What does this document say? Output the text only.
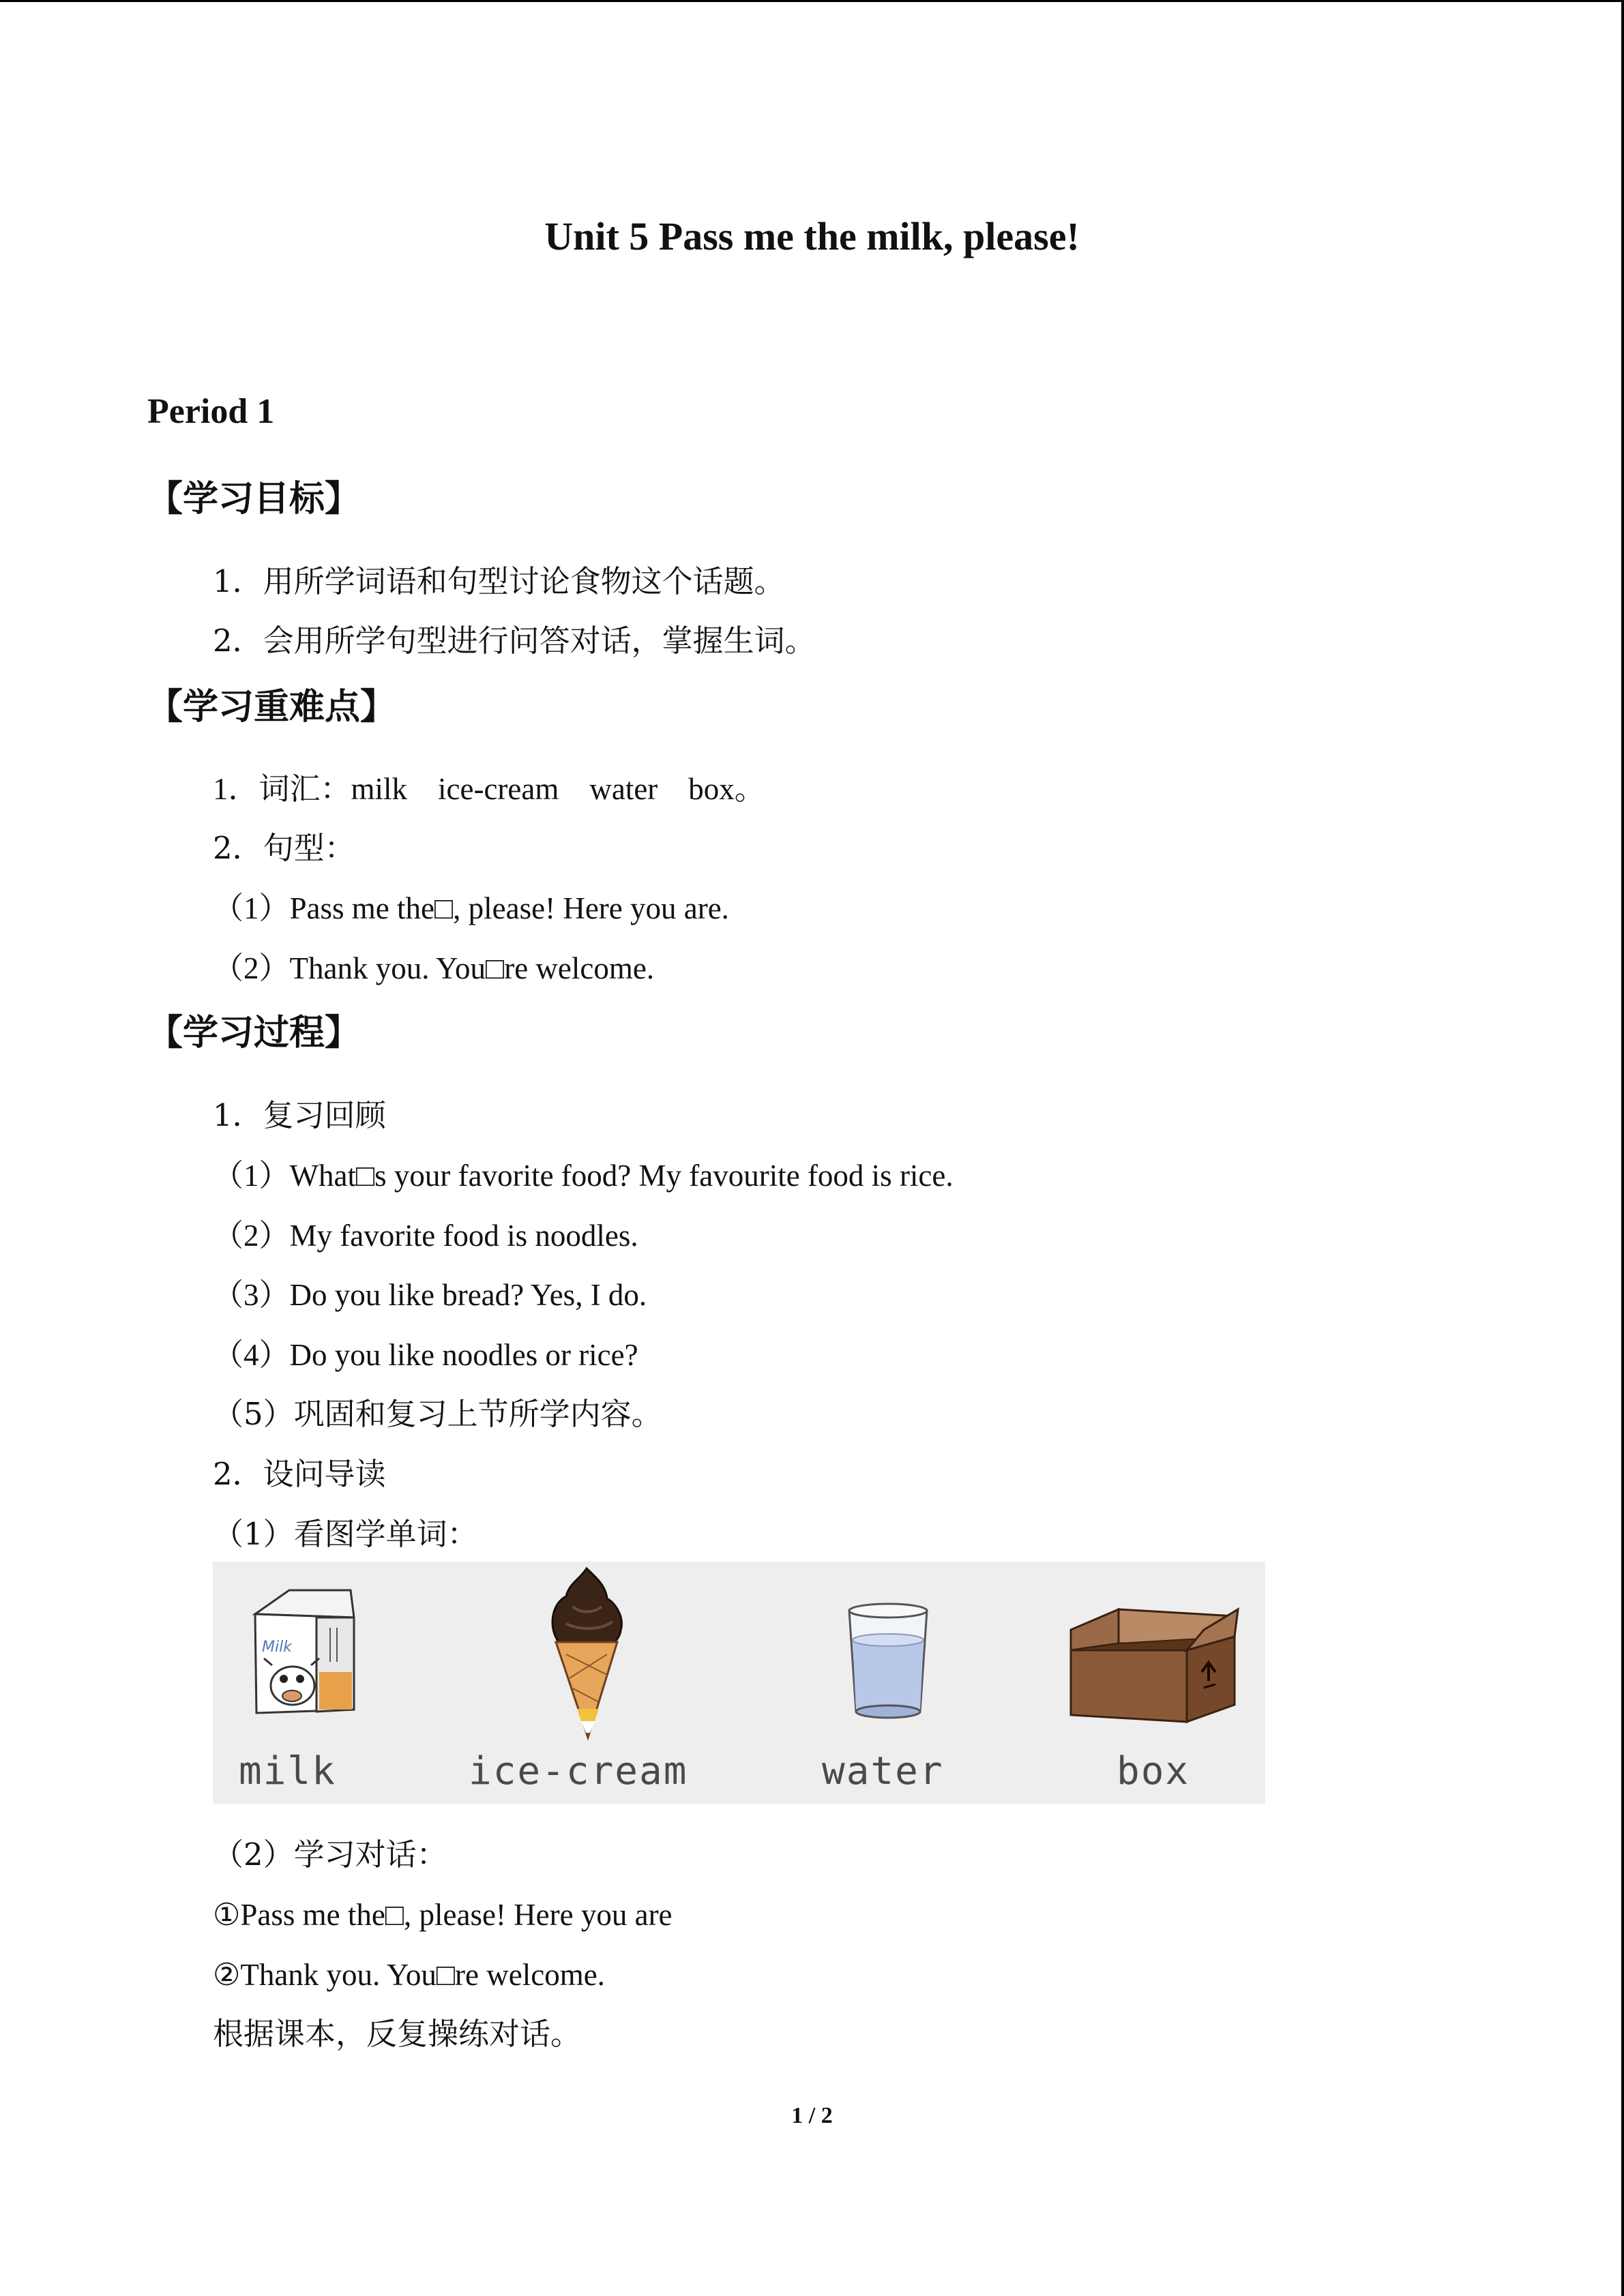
Unit 5 Pass me the milk, please!
Period 1
【学习目标】
1．用所学词语和句型讨论食物这个话题。
2．会用所学句型进行问答对话，掌握生词。
【学习重难点】
1．词汇：milk    ice-cream    water    box。
2．句型：
（1）Pass me the□, please! Here you are.
（2）Thank you. You□re welcome.
【学习过程】
1．复习回顾
（1）What□s your favorite food? My favourite food is rice.
（2）My favorite food is noodles.
（3）Do you like bread? Yes, I do.
（4）Do you like noodles or rice?
（5）巩固和复习上节所学内容。
2．设问导读
（1）看图学单词：
Milk
milk	ice-cream	water	box
（2）学习对话：
①Pass me the□, please! Here you are
②Thank you. You□re welcome.
根据课本，反复操练对话。
1 / 2
